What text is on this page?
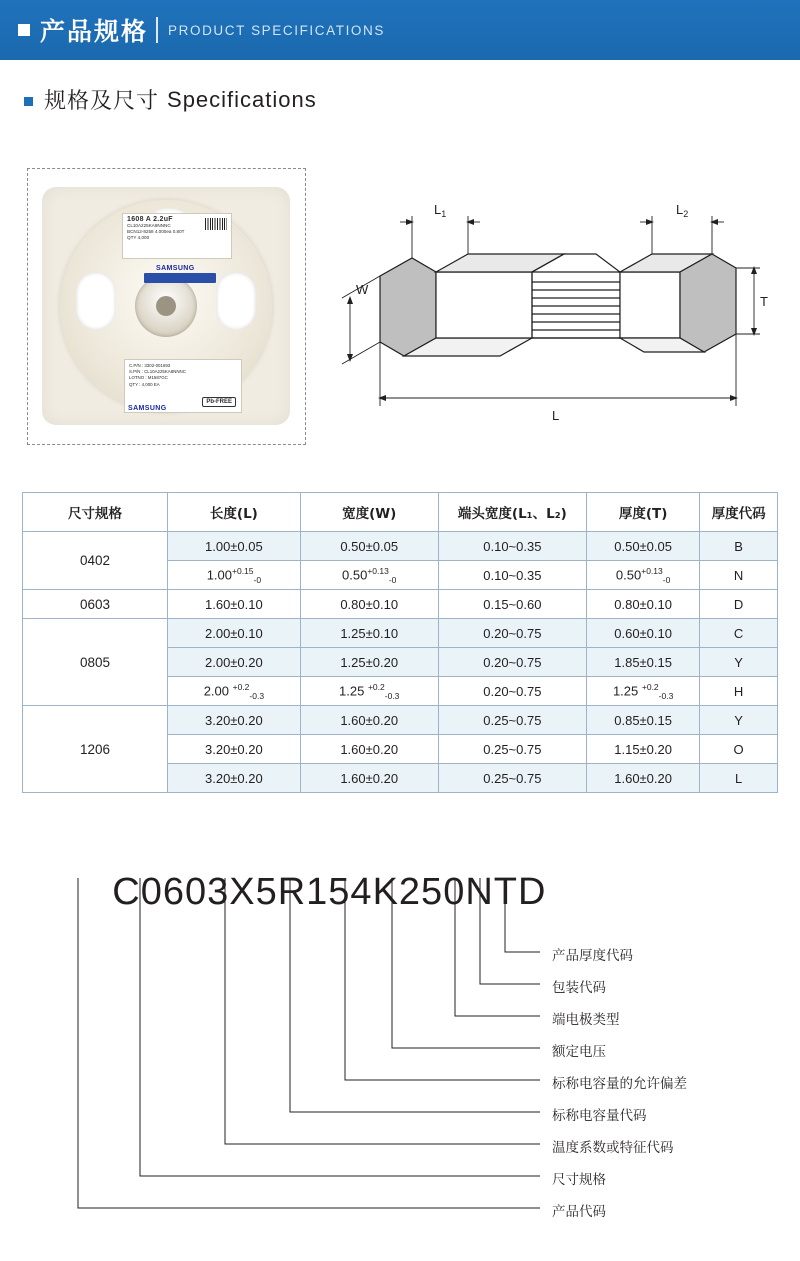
产品规格 PRODUCT SPECIFICATIONS
规格及尺寸 Specifications
1608 A 2.2uF
CL10A225KA8NNNC
BCN12-8258 4.000ea 0.80T
QTY 4,000
SAMSUNG
C.P/N : 3302-001693
S.P/N : CL10A225KA8NNNC
LOTNO : M1587GC
QTY : 4,000 EA
Pb-FREE
SAMSUNG
W
T
$L_1$	$L_2$
L
尺寸规格	长度(L)	宽度(W)	端头宽度(L₁、L₂)	厚度(T)	厚度代码
0402	1.00±0.05	0.50±0.05	0.10~0.35	0.50±0.05	B
	$1.00^{+0.15}_{-0}$	$0.50^{+0.13}_{-0}$	0.10~0.35	$0.50^{+0.13}_{-0}$	N
0603	1.60±0.10	0.80±0.10	0.15~0.60	0.80±0.10	D
0805	2.00±0.10	1.25±0.10	0.20~0.75	0.60±0.10	C
	2.00±0.20	1.25±0.20	0.20~0.75	1.85±0.15	Y
	2.00 $^{+0.2}_{-0.3}$	1.25 $^{+0.2}_{-0.3}$	0.20~0.75	1.25 $^{+0.2}_{-0.3}$	H
1206	3.20±0.20	1.60±0.20	0.25~0.75	0.85±0.15	Y
	3.20±0.20	1.60±0.20	0.25~0.75	1.15±0.20	O
	3.20±0.20	1.60±0.20	0.25~0.75	1.60±0.20	L

C0603X5R154K250NTD

产品厚度代码
包装代码
端电极类型
额定电压
标称电容量的允许偏差
标称电容量代码
温度系数或特征代码
尺寸规格
产品代码
